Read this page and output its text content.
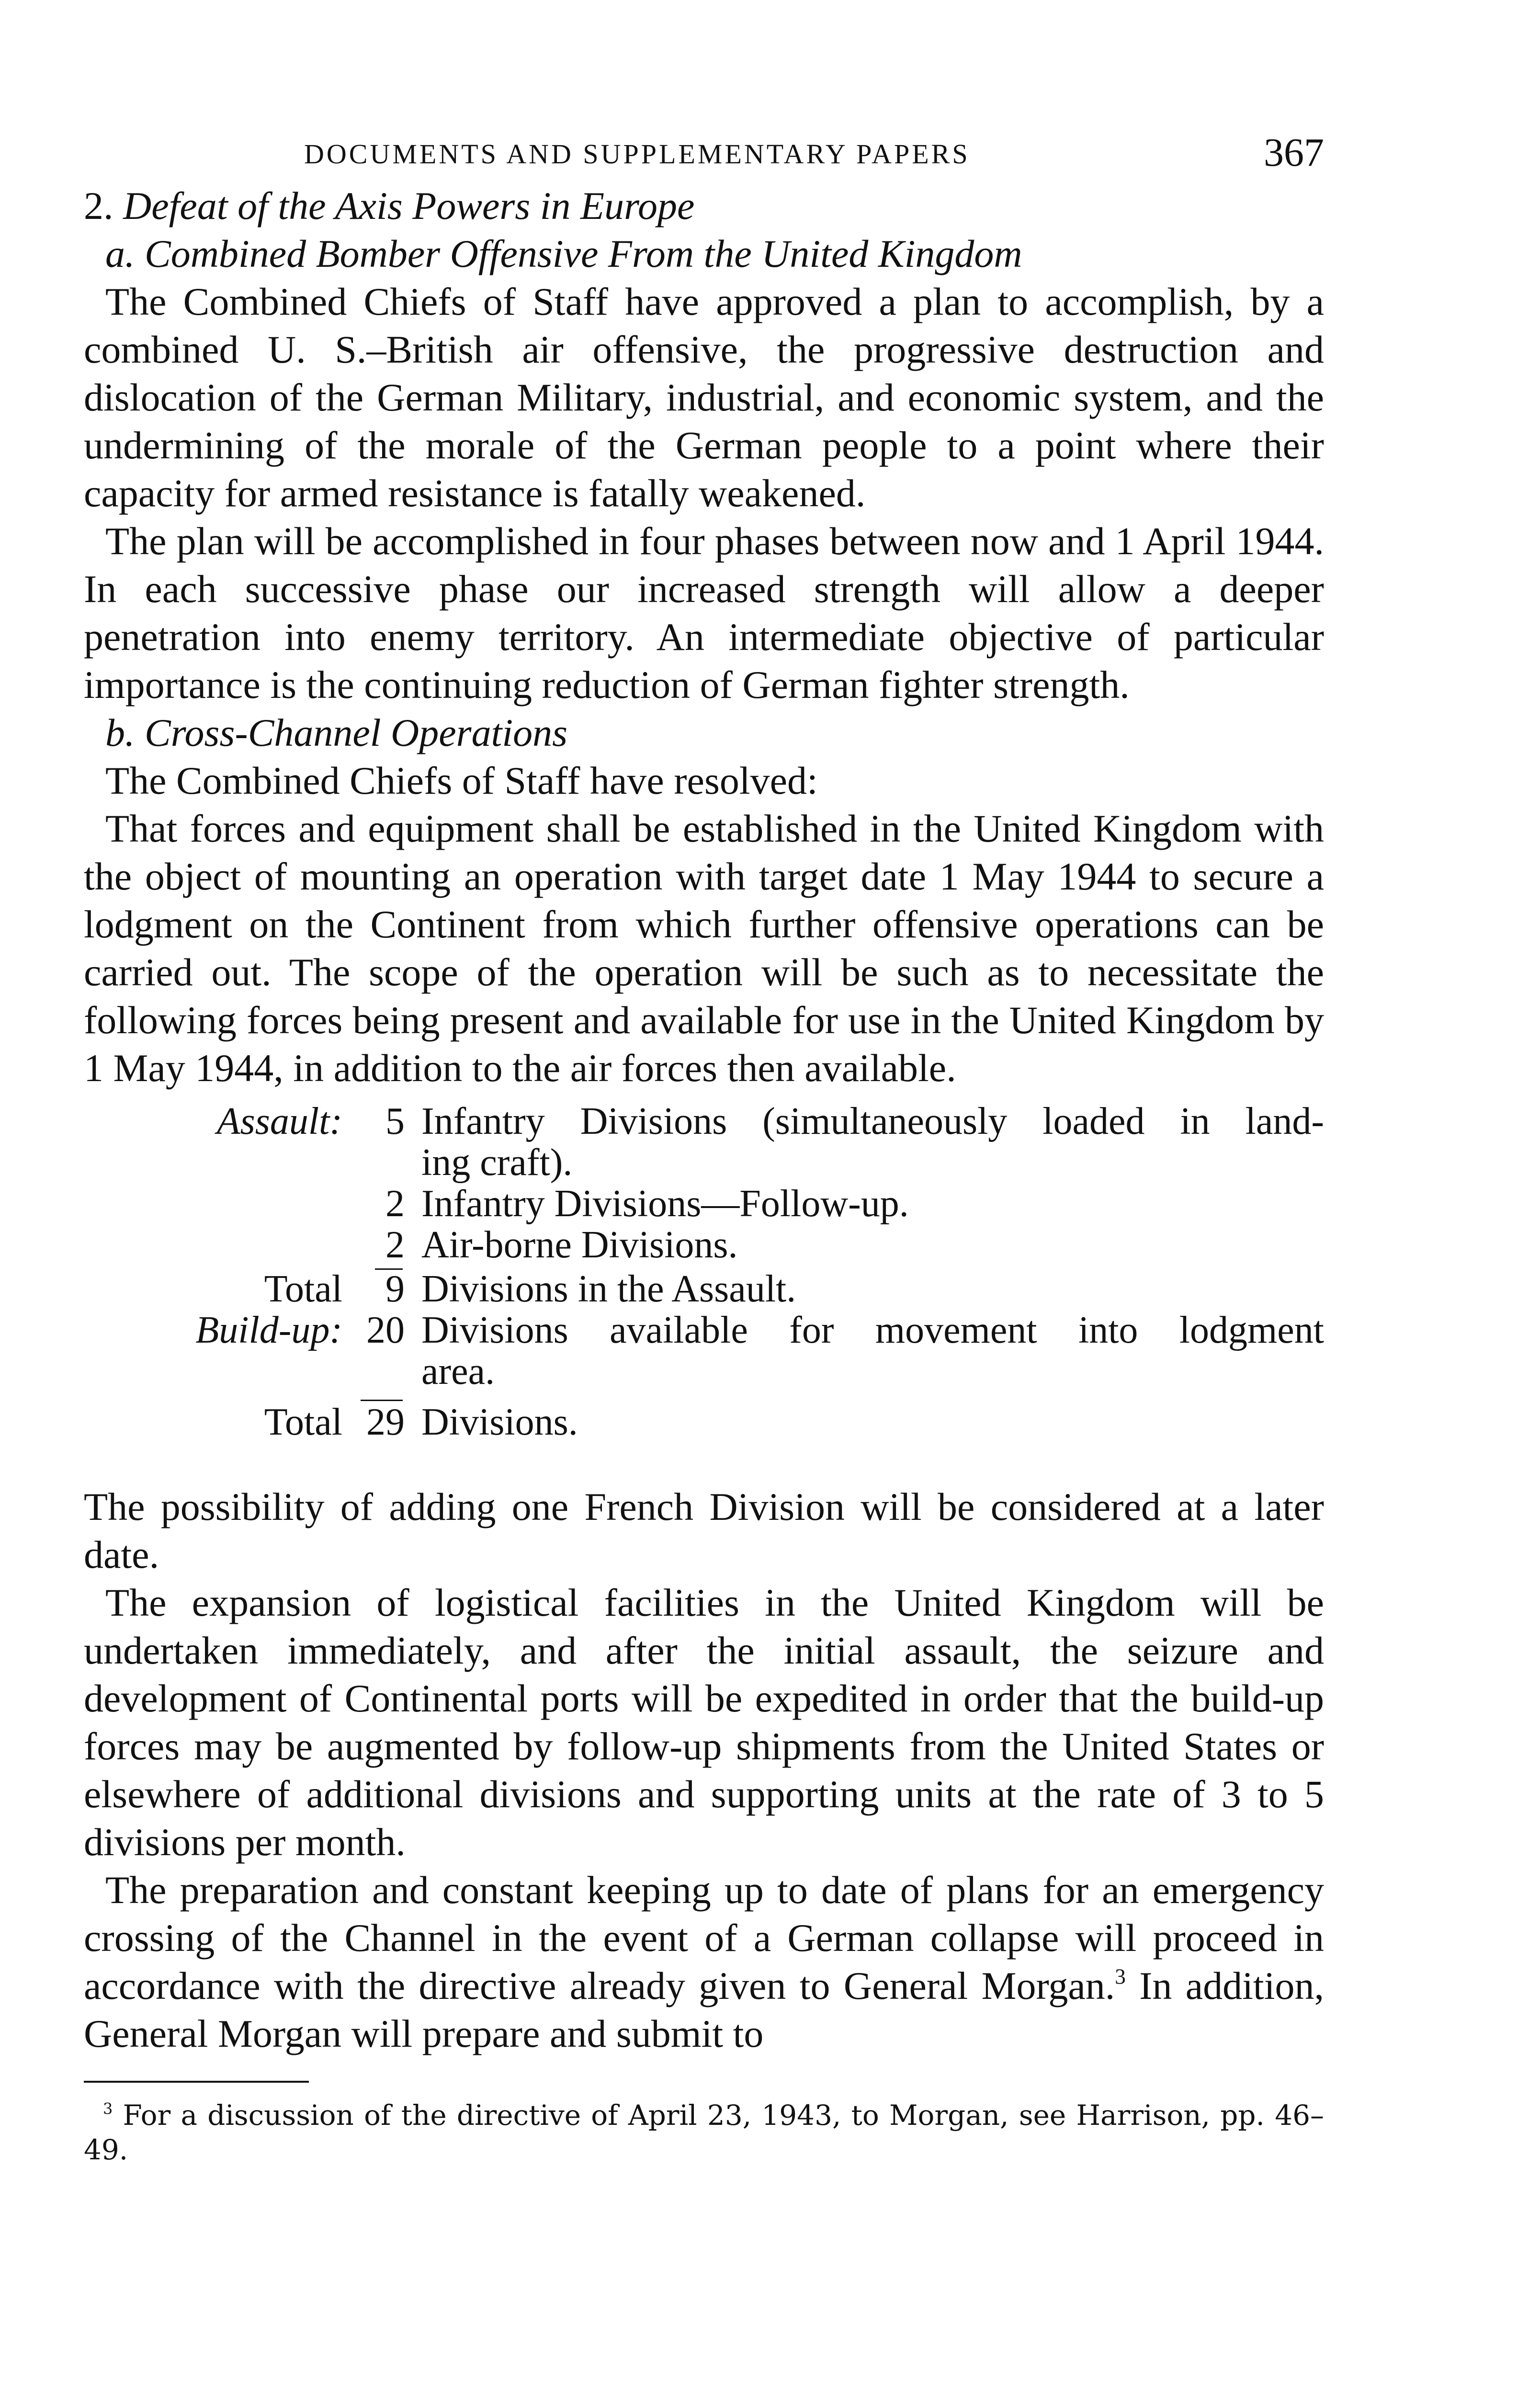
DOCUMENTS AND SUPPLEMENTARY PAPERS	367
2. Defeat of the Axis Powers in Europe
a. Combined Bomber Offensive From the United Kingdom

The Combined Chiefs of Staff have approved a plan to accomplish, by a combined U. S.–British air offensive, the progressive destruction and dislocation of the German Military, industrial, and economic system, and the undermining of the morale of the German people to a point where their capacity for armed resistance is fatally weakened.

The plan will be accomplished in four phases between now and 1 April 1944. In each successive phase our increased strength will allow a deeper penetration into enemy territory. An intermediate objective of particular importance is the continuing reduction of German fighter strength.

b. Cross-Channel Operations

The Combined Chiefs of Staff have resolved:

That forces and equipment shall be established in the United Kingdom with the object of mounting an operation with target date 1 May 1944 to secure a lodgment on the Continent from which further offensive operations can be carried out. The scope of the operation will be such as to necessitate the following forces being present and available for use in the United Kingdom by 1 May 1944, in addition to the air forces then available.

Assault:	5 Infantry Divisions (simultaneously loaded in land-
ing craft).
2 Infantry Divisions—Follow-up.
2 Air-borne Divisions.
Total	9 Divisions in the Assault.
Build-up: 20 Divisions available for movement into lodgment
area.
Total 29 Divisions.

The possibility of adding one French Division will be considered at a later date.

The expansion of logistical facilities in the United Kingdom will be undertaken immediately, and after the initial assault, the seizure and development of Continental ports will be expedited in order that the build-up forces may be augmented by follow-up shipments from the United States or elsewhere of additional divisions and supporting units at the rate of 3 to 5 divisions per month.

The preparation and constant keeping up to date of plans for an emergency crossing of the Channel in the event of a German collapse will proceed in accordance with the directive already given to General Morgan.$^3$ In addition, General Morgan will prepare and submit to

$^3$ For a discussion of the directive of April 23, 1943, to Morgan, see Harrison, pp. 46–49.
